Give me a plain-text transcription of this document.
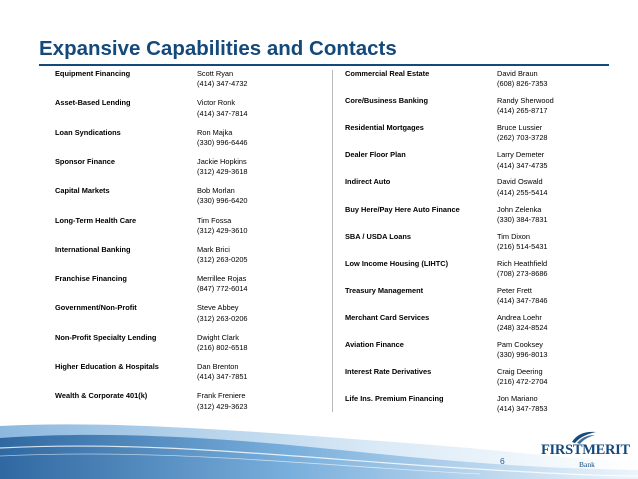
Expansive Capabilities and Contacts
Equipment Financing	Scott Ryan
(414) 347-4732
Asset-Based Lending	Victor Ronk
(414) 347-7814
Loan Syndications	Ron Majka
(330) 996-6446
Sponsor Finance	Jackie Hopkins
(312) 429-3618
Capital Markets	Bob Morlan
(330) 996-6420
Long-Term Health Care	Tim Fossa
(312) 429-3610
International Banking	Mark Brici
(312) 263-0205
Franchise Financing	Merrillee Rojas
(847) 772-6014
Government/Non-Profit	Steve Abbey
(312) 263-0206
Non-Profit Specialty Lending	Dwight Clark
(216) 802-6518
Higher Education & Hospitals	Dan Brenton
(414) 347-7851
Wealth & Corporate 401(k)	Frank Freniere
(312) 429-3623
Commercial Real Estate	David Braun
(608) 826-7353
Core/Business Banking	Randy Sherwood
(414) 265-8717
Residential Mortgages	Bruce Lussier
(262) 703-3728
Dealer Floor Plan	Larry Demeter
(414) 347-4735
Indirect Auto	David Oswald
(414) 255-5414
Buy Here/Pay Here Auto Finance	John Zelenka
(330) 384-7831
SBA / USDA Loans	Tim Dixon
(216) 514-5431
Low Income Housing (LIHTC)	Rich Heathfield
(708) 273-8686
Treasury Management	Peter Frett
(414) 347-7846
Merchant Card Services	Andrea Loehr
(248) 324-8524
Aviation Finance	Pam Cooksey
(330) 996-8013
Interest Rate Derivatives	Craig Deering
(216) 472-2704
Life Ins. Premium Financing	Jon Mariano
(414) 347-7853
6
FIRSTMERIT
Bank
